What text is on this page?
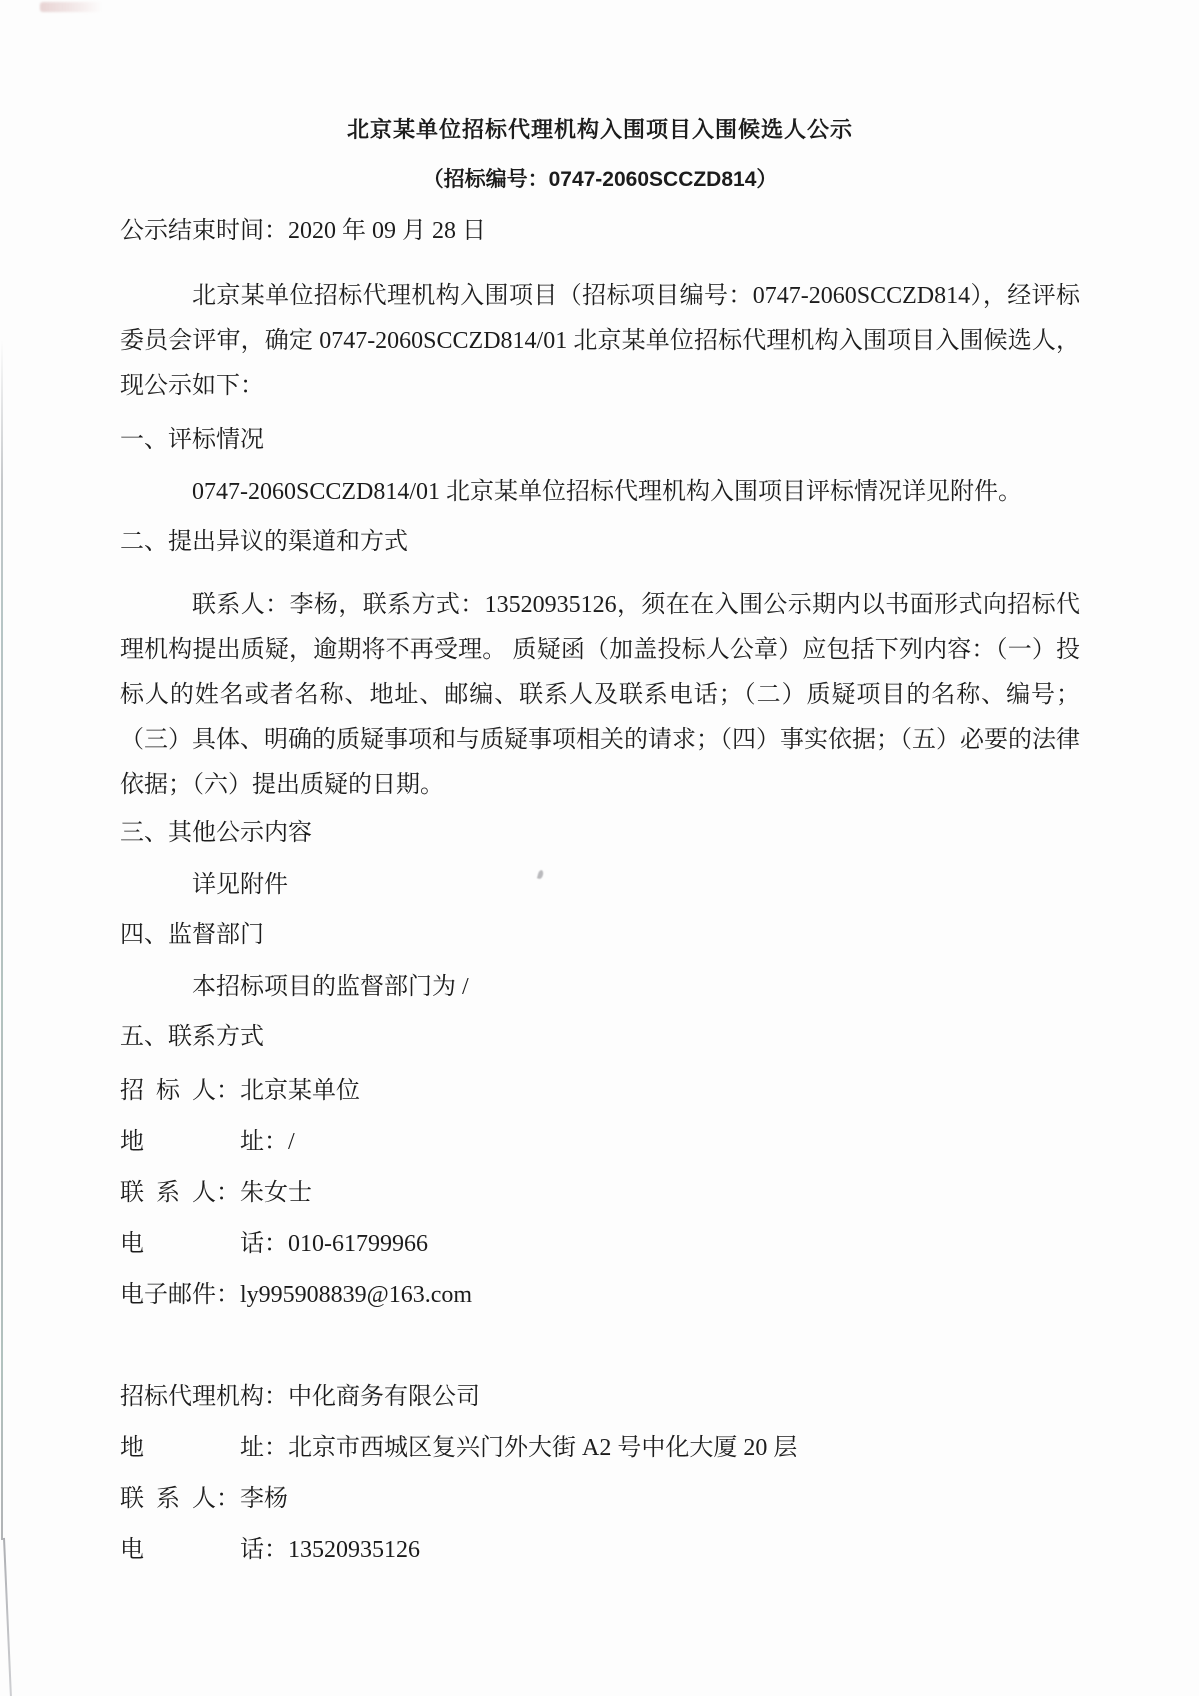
北京某单位招标代理机构入围项目入围候选人公示
（招标编号：0747-2060SCCZD814）
公示结束时间：2020 年 09 月 28 日

北京某单位招标代理机构入围项目（招标项目编号：0747-2060SCCZD814），经评标委员会评审，确定 0747-2060SCCZD814/01 北京某单位招标代理机构入围项目入围候选人，现公示如下：

一、评标情况
0747-2060SCCZD814/01 北京某单位招标代理机构入围项目评标情况详见附件。
二、提出异议的渠道和方式

联系人：李杨，联系方式：13520935126，须在在入围公示期内以书面形式向招标代理机构提出质疑，逾期将不再受理。 质疑函（加盖投标人公章）应包括下列内容：（一）投标人的姓名或者名称、地址、邮编、联系人及联系电话；（二）质疑项目的名称、编号；（三）具体、明确的质疑事项和与质疑事项相关的请求；（四）事实依据；（五）必要的法律依据；（六）提出质疑的日期。

三、其他公示内容
详见附件
四、监督部门
本招标项目的监督部门为 /
五、联系方式
招  标  人：北京某单位
地　　　　址：/
联  系  人：朱女士
电　　　　话：010-61799966
电子邮件：ly995908839@163.com
招标代理机构：中化商务有限公司
地　　　　址：北京市西城区复兴门外大街 A2 号中化大厦 20 层
联  系  人：李杨
电　　　　话：13520935126
